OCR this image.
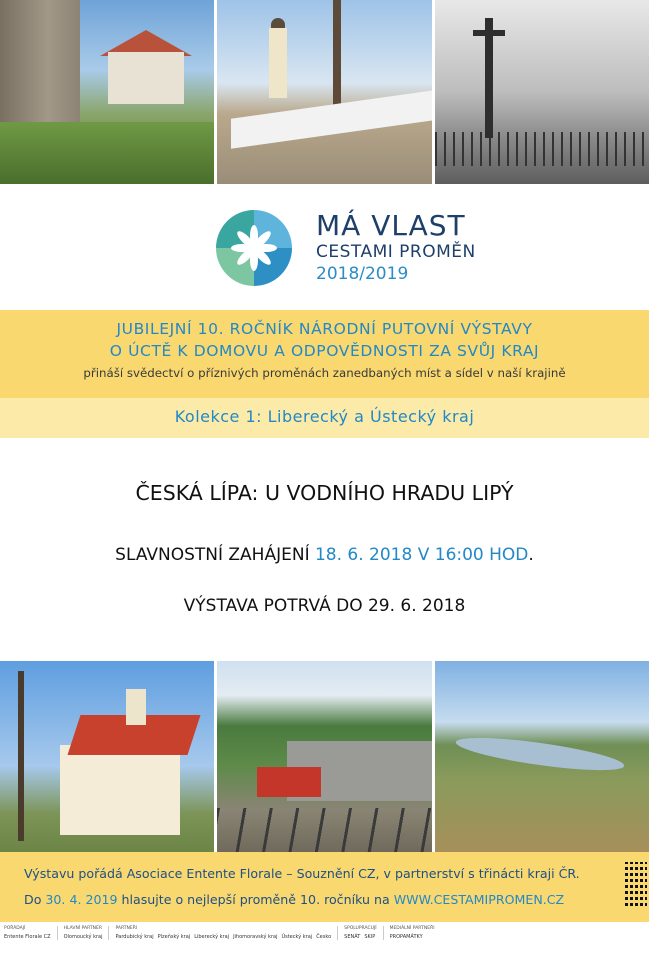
MÁ VLAST
CESTAMI PROMĚN
2018/2019
JUBILEJNÍ 10. ROČNÍK NÁRODNÍ PUTOVNÍ VÝSTAVY
O ÚCTĚ K DOMOVU A ODPOVĚDNOSTI ZA SVŮJ KRAJ
přináší svědectví o příznivých proměnách zanedbaných míst a sídel v naší krajině
Kolekce 1: Liberecký a Ústecký kraj
ČESKÁ LÍPA: U VODNÍHO HRADU LIPÝ
SLAVNOSTNÍ ZAHÁJENÍ 18. 6. 2018 V 16:00 HOD.
VÝSTAVA POTRVÁ DO 29. 6. 2018
Výstavu pořádá Asociace Entente Florale – Souznění CZ, v partnerství s třinácti kraji ČR.
Do 30. 4. 2019 hlasujte o nejlepší proměně 10. ročníku na WWW.CESTAMIPROMEN.CZ
POŘÁDAJÍ
Entente Florale CZ
HLAVNÍ PARTNER
Olomoucký kraj
PARTNEŘI
Pardubický kraj Plzeňský kraj Liberecký kraj Jihomoravský kraj Ústecký kraj Česko
SPOLUPRACUJÍ
SENÁT SKIP
MEDIÁLNÍ PARTNEŘI
PROPAMÁTKY
